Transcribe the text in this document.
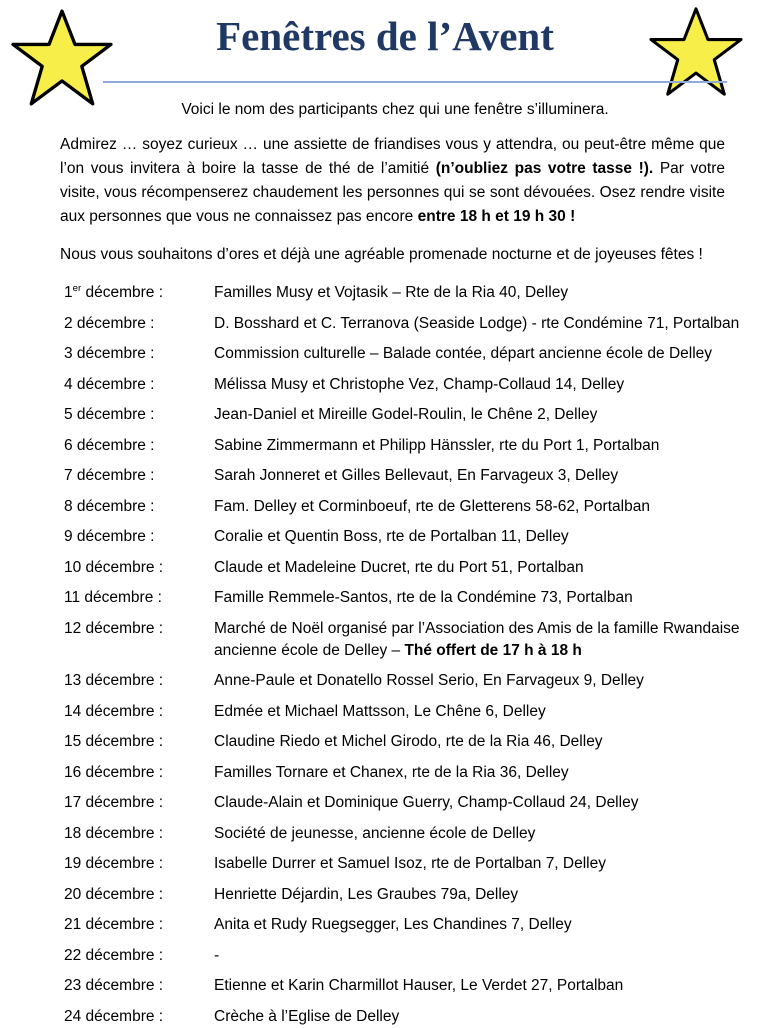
Fenêtres de l’Avent

Voici le nom des participants chez qui une fenêtre s’illuminera.

Admirez … soyez curieux … une assiette de friandises vous y attendra, ou peut-être même que l’on vous invitera à boire la tasse de thé de l’amitié (n’oubliez pas votre tasse !). Par votre visite, vous récompenserez chaudement les personnes qui se sont dévouées. Osez rendre visite aux personnes que vous ne connaissez pas encore entre 18 h et 19 h 30 !

Nous vous souhaitons d’ores et déjà une agréable promenade nocturne et de joyeuses fêtes !

1er décembre :	Familles Musy et Vojtasik – Rte de la Ria 40, Delley
2 décembre :	D. Bosshard et C. Terranova (Seaside Lodge) - rte Condémine 71, Portalban
3 décembre :	Commission culturelle – Balade contée, départ ancienne école de Delley
4 décembre :	Mélissa Musy et Christophe Vez, Champ-Collaud 14, Delley
5 décembre :	Jean-Daniel et Mireille Godel-Roulin, le Chêne 2, Delley
6 décembre :	Sabine Zimmermann et Philipp Hänssler, rte du Port 1, Portalban
7 décembre :	Sarah Jonneret et Gilles Bellevaut, En Farvageux 3, Delley
8 décembre :	Fam. Delley et Corminboeuf, rte de Gletterens 58-62, Portalban
9 décembre :	Coralie et Quentin Boss, rte de Portalban 11, Delley
10 décembre :	Claude et Madeleine Ducret, rte du Port 51, Portalban
11 décembre :	Famille Remmele-Santos, rte de la Condémine 73, Portalban
12 décembre :	Marché de Noël organisé par l’Association des Amis de la famille Rwandaise
ancienne école de Delley – Thé offert de 17 h à 18 h
13 décembre :	Anne-Paule et Donatello Rossel Serio, En Farvageux 9, Delley
14 décembre :	Edmée et Michael Mattsson, Le Chêne 6, Delley
15 décembre :	Claudine Riedo et Michel Girodo, rte de la Ria 46, Delley
16 décembre :	Familles Tornare et Chanex, rte de la Ria 36, Delley
17 décembre :	Claude-Alain et Dominique Guerry, Champ-Collaud 24, Delley
18 décembre :	Société de jeunesse, ancienne école de Delley
19 décembre :	Isabelle Durrer et Samuel Isoz, rte de Portalban 7, Delley
20 décembre :	Henriette Déjardin, Les Graubes 79a, Delley
21 décembre :	Anita et Rudy Ruegsegger, Les Chandines 7, Delley
22 décembre :	-
23 décembre :	Etienne et Karin Charmillot Hauser, Le Verdet 27, Portalban
24 décembre :	Crèche à l’Eglise de Delley
